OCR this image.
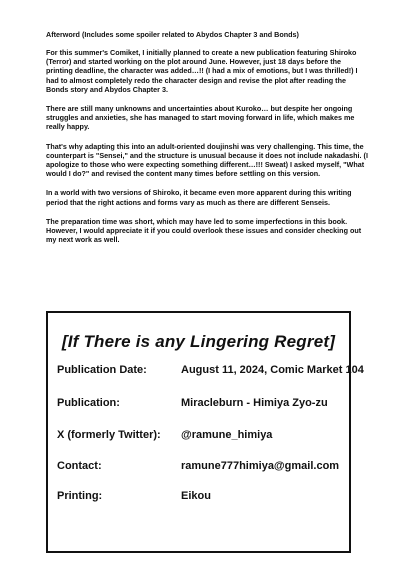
Afterword (Includes some spoiler related to Abydos Chapter 3 and Bonds)

For this summer's Comiket, I initially planned to create a new publication featuring Shiroko (Terror) and started working on the plot around June. However, just 18 days before the printing deadline, the character was added…!! (I had a mix of emotions, but I was thrilled!) I had to almost completely redo the character design and revise the plot after reading the Bonds story and Abydos Chapter 3.

There are still many unknowns and uncertainties about Kuroko… but despite her ongoing struggles and anxieties, she has managed to start moving forward in life, which makes me really happy.

That's why adapting this into an adult-oriented doujinshi was very challenging. This time, the counterpart is "Sensei," and the structure is unusual because it does not include nakadashi. (I apologize to those who were expecting something different…!!! Sweat) I asked myself, "What would I do?" and revised the content many times before settling on this version.

In a world with two versions of Shiroko, it became even more apparent during this writing period that the right actions and forms vary as much as there are different Senseis.

The preparation time was short, which may have led to some imperfections in this book. However, I would appreciate it if you could overlook these issues and consider checking out my next work as well.

[If There is any Lingering Regret]
Publication Date:	August 11, 2024, Comic Market 104
Publication:	Miracleburn - Himiya Zyo-zu
X (formerly Twitter): @ramune_himiya
Contact:	ramune777himiya@gmail.com
Printing:	Eikou
